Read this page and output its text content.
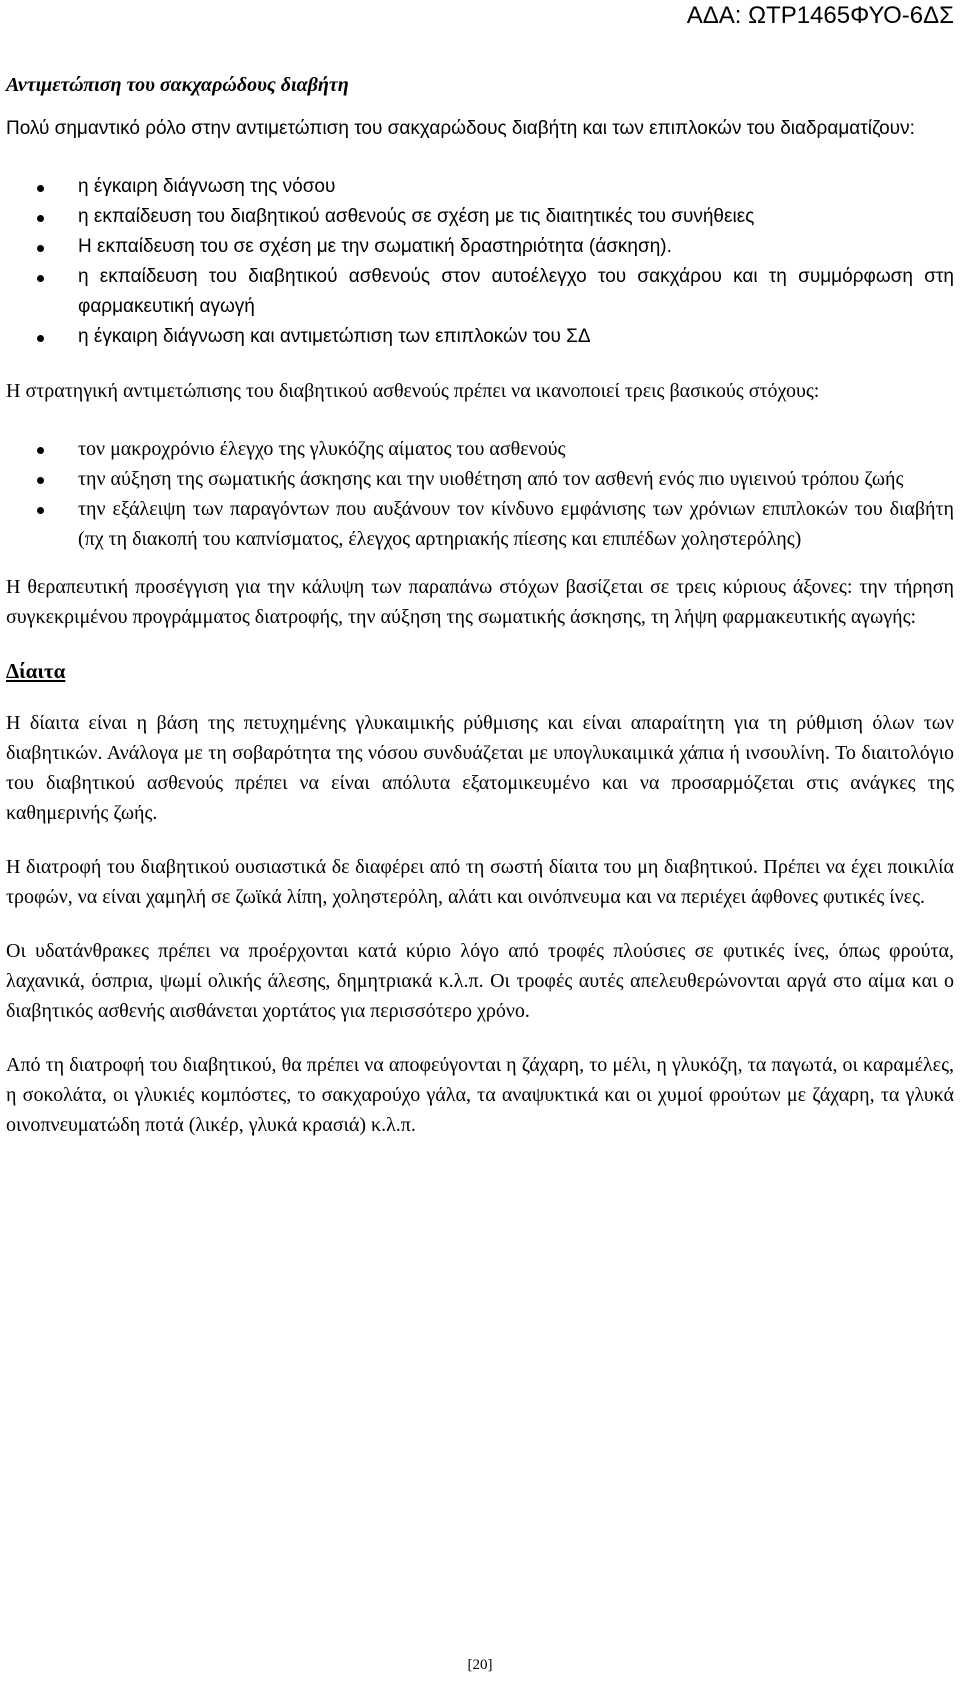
ΑΔΑ: ΩΤΡ1465ΦΥΟ-6ΔΣ

Αντιμετώπιση του σακχαρώδους διαβήτη

Πολύ σημαντικό ρόλο στην αντιμετώπιση του σακχαρώδους διαβήτη και των επιπλοκών του διαδραματίζουν:

η έγκαιρη διάγνωση της νόσου
η εκπαίδευση του διαβητικού ασθενούς σε σχέση με τις διαιτητικές του συνήθειες
Η εκπαίδευση του σε σχέση με την σωματική δραστηριότητα (άσκηση).
η εκπαίδευση του διαβητικού ασθενούς στον αυτοέλεγχο του σακχάρου και τη συμμόρφωση στη φαρμακευτική αγωγή
η έγκαιρη διάγνωση και αντιμετώπιση των επιπλοκών του ΣΔ

Η στρατηγική αντιμετώπισης του διαβητικού ασθενούς πρέπει να ικανοποιεί τρεις βασικούς στόχους:

τον μακροχρόνιο έλεγχο της γλυκόζης αίματος του ασθενούς
την αύξηση της σωματικής άσκησης και την υιοθέτηση από τον ασθενή ενός πιο υγιεινού τρόπου ζωής
την εξάλειψη των παραγόντων που αυξάνουν τον κίνδυνο εμφάνισης των χρόνιων επιπλοκών του διαβήτη (πχ τη διακοπή του καπνίσματος, έλεγχος αρτηριακής πίεσης και επιπέδων χοληστερόλης)

Η θεραπευτική προσέγγιση για την κάλυψη των παραπάνω στόχων βασίζεται σε τρεις κύριους άξονες: την τήρηση συγκεκριμένου προγράμματος διατροφής, την αύξηση της σωματικής άσκησης, τη λήψη φαρμακευτικής αγωγής:

Δίαιτα

Η δίαιτα είναι η βάση της πετυχημένης γλυκαιμικής ρύθμισης και είναι απαραίτητη για τη ρύθμιση όλων των διαβητικών. Ανάλογα με τη σοβαρότητα της νόσου συνδυάζεται με υπογλυκαιμικά χάπια ή ινσουλίνη. Το διαιτολόγιο του διαβητικού ασθενούς πρέπει να είναι απόλυτα εξατομικευμένο και να προσαρμόζεται στις ανάγκες της καθημερινής ζωής.

Η διατροφή του διαβητικού ουσιαστικά δε διαφέρει από τη σωστή δίαιτα του μη διαβητικού. Πρέπει να έχει ποικιλία τροφών, να είναι χαμηλή σε ζωϊκά λίπη, χοληστερόλη, αλάτι και οινόπνευμα και να περιέχει άφθονες φυτικές ίνες.

Οι υδατάνθρακες πρέπει να προέρχονται κατά κύριο λόγο από τροφές πλούσιες σε φυτικές ίνες, όπως φρούτα, λαχανικά, όσπρια, ψωμί ολικής άλεσης, δημητριακά κ.λ.π. Οι τροφές αυτές απελευθερώνονται αργά στο αίμα και ο διαβητικός ασθενής αισθάνεται χορτάτος για περισσότερο χρόνο.

Από τη διατροφή του διαβητικού, θα πρέπει να αποφεύγονται η ζάχαρη, το μέλι, η γλυκόζη, τα παγωτά, οι καραμέλες, η σοκολάτα, οι γλυκιές κομπόστες, το σακχαρούχο γάλα, τα αναψυκτικά και οι χυμοί φρούτων με ζάχαρη, τα γλυκά οινοπνευματώδη ποτά (λικέρ, γλυκά κρασιά) κ.λ.π.

[20]
